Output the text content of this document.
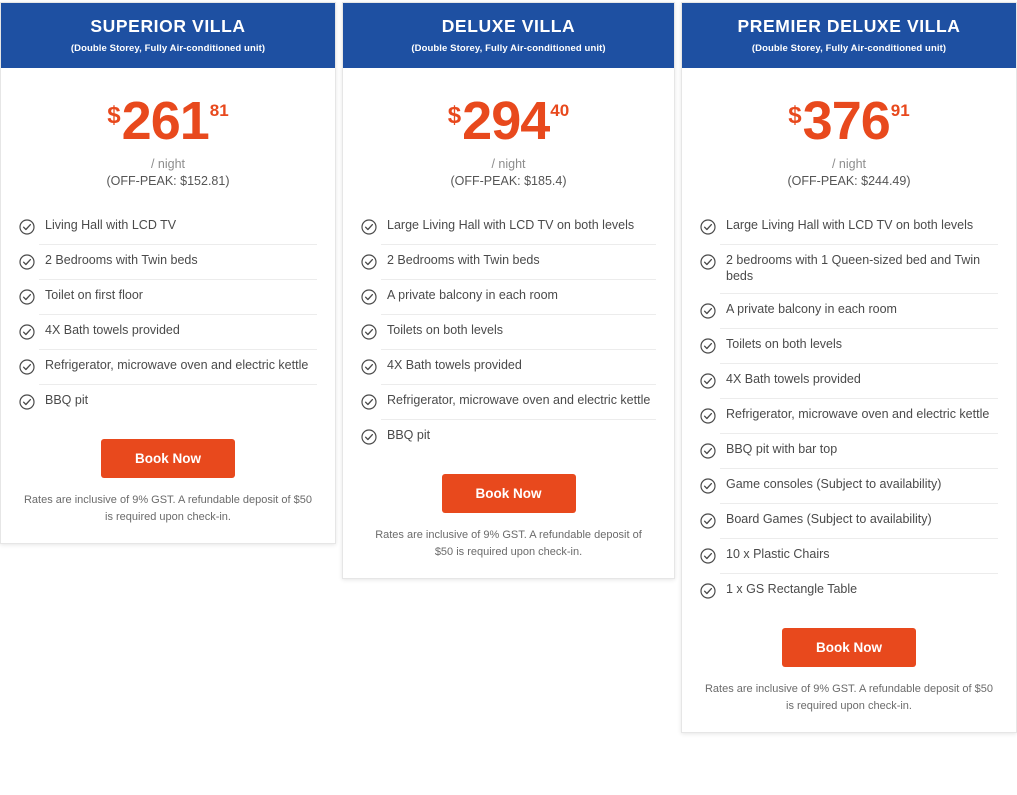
SUPERIOR VILLA
(Double Storey, Fully Air-conditioned unit)
$ 261 81
/ night
(OFF-PEAK: $152.81)
Living Hall with LCD TV
2 Bedrooms with Twin beds
Toilet on first floor
4X Bath towels provided
Refrigerator, microwave oven and electric kettle
BBQ pit
Book Now
Rates are inclusive of 9% GST. A refundable deposit of $50 is required upon check-in.
DELUXE VILLA
(Double Storey, Fully Air-conditioned unit)
$ 294 40
/ night
(OFF-PEAK: $185.4)
Large Living Hall with LCD TV on both levels
2 Bedrooms with Twin beds
A private balcony in each room
Toilets on both levels
4X Bath towels provided
Refrigerator, microwave oven and electric kettle
BBQ pit
Book Now
Rates are inclusive of 9% GST. A refundable deposit of $50 is required upon check-in.
PREMIER DELUXE VILLA
(Double Storey, Fully Air-conditioned unit)
$ 376 91
/ night
(OFF-PEAK: $244.49)
Large Living Hall with LCD TV on both levels
2 bedrooms with 1 Queen-sized bed and Twin beds
A private balcony in each room
Toilets on both levels
4X Bath towels provided
Refrigerator, microwave oven and electric kettle
BBQ pit with bar top
Game consoles (Subject to availability)
Board Games (Subject to availability)
10 x Plastic Chairs
1 x GS Rectangle Table
Book Now
Rates are inclusive of 9% GST. A refundable deposit of $50 is required upon check-in.
